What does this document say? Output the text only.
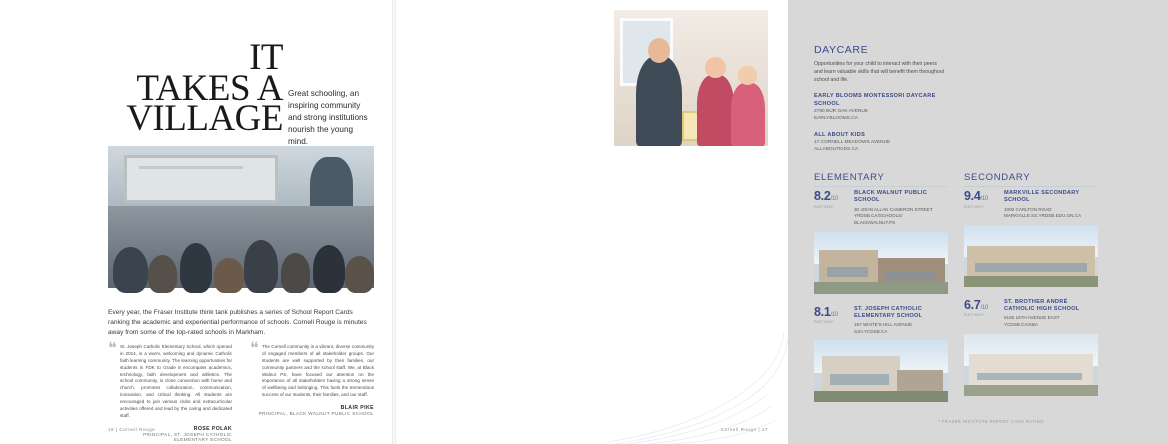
IT
TAKES A
VILLAGE
Great schooling, an inspiring community and strong institutions nourish the young mind.
Every year, the Fraser Institute think tank publishes a series of School Report Cards ranking the academic and experiential performance of schools. Cornell Rouge is minutes away from some of the top-rated schools in Markham.
❝ St. Joseph Catholic Elementary School, which opened in 2014, is a warm, welcoming and dynamic Catholic faith learning community. The learning opportunities for students in FDK to Grade 8 encompass academics, technology, faith development and athletics. The school community, in close connection with home and church, promotes collaboration, communication, innovation, and critical thinking. All students are encouraged to join various clubs and extracurricular activities offered and lead by the caring and dedicated staff.
ROSE POLAK
PRINCIPAL, ST. JOSEPH CATHOLIC ELEMENTARY SCHOOL
❝ The Cornell community is a vibrant, diverse community of engaged members of all stakeholder groups. Our students are well supported by their families, our community partners and the school staff. We, at Black Walnut PS, have focused our attention on the importance of all stakeholders having a strong sense of wellbeing and belonging. This fuels the tremendous success of our students, their families, and our staff.
BLAIR PIKE
PRINCIPAL, BLACK WALNUT PUBLIC SCHOOL
16 | Cornell Rouge
DAYCARE
Opportunities for your child to interact with their peers and learn valuable skills that will benefit them throughout school and life.
EARLY BLOOMS MONTESSORI DAYCARE SCHOOL
2780 BUR OAK AVENUE
EARLYBLOOMS.CA
ALL ABOUT KIDS
17 CORNELL MEADOWS AVENUE
ALLABOUTKIDS.CA
ELEMENTARY	SECONDARY
8.2/10
RATING*
BLACK WALNUT PUBLIC SCHOOL
30 JOHN ALLAN CAMERON STREET
YRDSB.CA/SCHOOLS/
BLACKWALNUT.PS
8.1/10
RATING*
ST. JOSEPH CATHOLIC ELEMENTARY SCHOOL
187 WHITE'S HILL AVENUE
SJH.YCDSB.CA
9.4/10
RATING*
MARKVILLE SECONDARY SCHOOL
1000 CARLTON ROAD
MARKVILLE.SS.YRDSB.EDU.ON.CA
6.7/10
RATING*
ST. BROTHER ANDRÉ CATHOLIC HIGH SCHOOL
6160 16TH AVENUE EAST
YCDSB.CA/SBA
* FRASER INSTITUTE REPORT CARD RATING
Cornell Rouge | 17
